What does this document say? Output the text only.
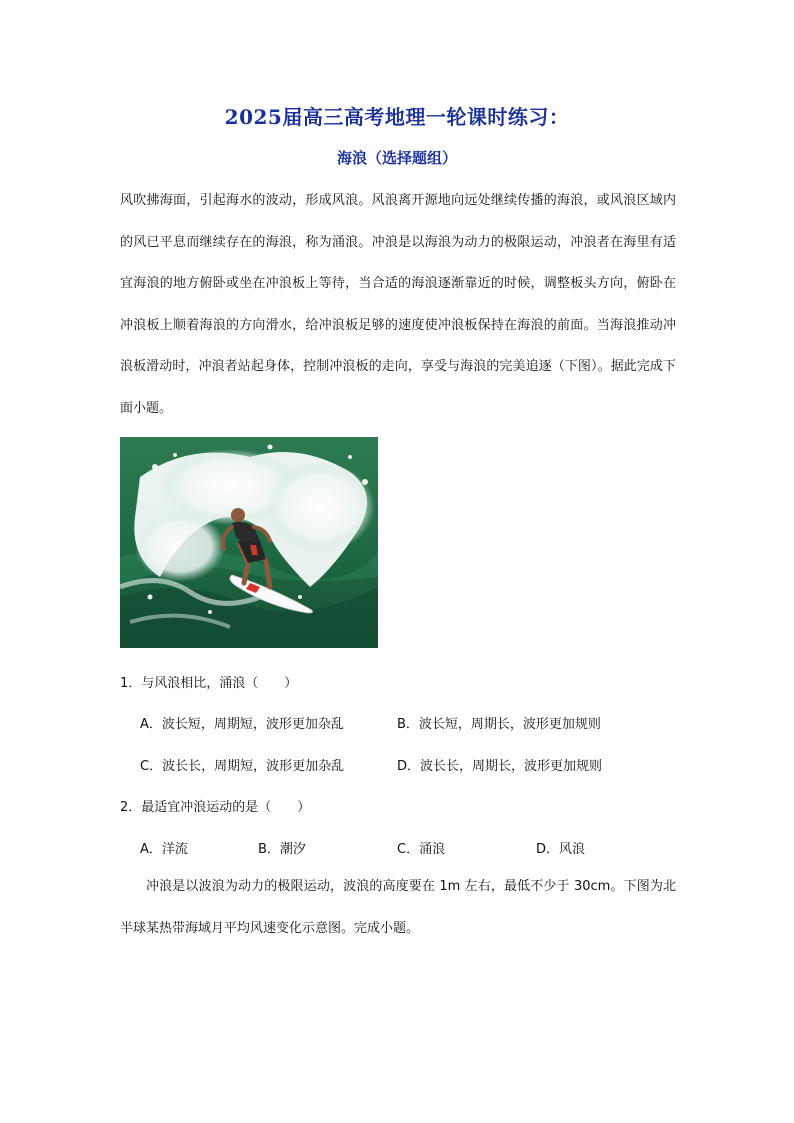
2025届高三高考地理一轮课时练习：
海浪（选择题组）
风吹拂海面，引起海水的波动，形成风浪。风浪离开源地向远处继续传播的海浪，或风浪区域内的风已平息而继续存在的海浪，称为涌浪。冲浪是以海浪为动力的极限运动，冲浪者在海里有适宜海浪的地方俯卧或坐在冲浪板上等待，当合适的海浪逐渐靠近的时候，调整板头方向，俯卧在冲浪板上顺着海浪的方向滑水，给冲浪板足够的速度使冲浪板保持在海浪的前面。当海浪推动冲浪板滑动时，冲浪者站起身体，控制冲浪板的走向，享受与海浪的完美追逐（下图）。据此完成下面小题。
1．与风浪相比，涌浪（　　）
A．波长短，周期短，波形更加杂乱	B．波长短，周期长，波形更加规则
C．波长长，周期短，波形更加杂乱	D．波长长，周期长，波形更加规则
2．最适宜冲浪运动的是（　　）
A．洋流	B．潮汐	C．涌浪	D．风浪
冲浪是以波浪为动力的极限运动，波浪的高度要在 1m 左右，最低不少于 30cm。下图为北半球某热带海域月平均风速变化示意图。完成小题。
